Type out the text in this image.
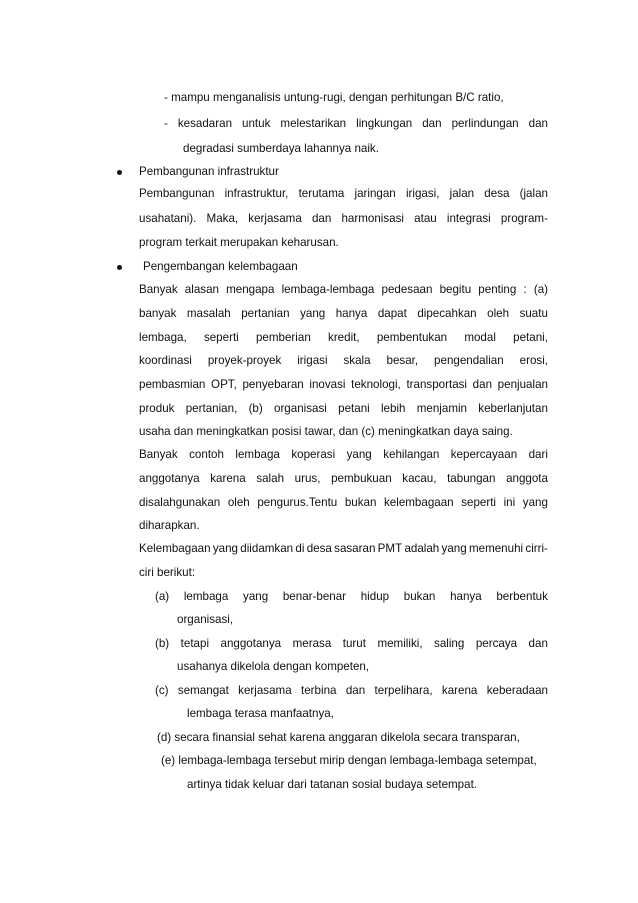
- mampu menganalisis untung-rugi, dengan perhitungan B/C ratio,
- kesadaran untuk melestarikan lingkungan dan perlindungan dan
degradasi sumberdaya lahannya naik.
Pembangunan infrastruktur
Pembangunan infrastruktur, terutama jaringan irigasi, jalan desa (jalan
usahatani). Maka, kerjasama dan harmonisasi atau integrasi program-
program terkait merupakan keharusan.
Pengembangan kelembagaan
Banyak alasan mengapa lembaga-lembaga pedesaan begitu penting : (a)
banyak masalah pertanian yang hanya dapat dipecahkan oleh suatu
lembaga, seperti pemberian kredit, pembentukan modal petani,
koordinasi proyek-proyek irigasi skala besar, pengendalian erosi,
pembasmian OPT, penyebaran inovasi teknologi, transportasi dan penjualan
produk pertanian, (b) organisasi petani lebih menjamin keberlanjutan
usaha dan meningkatkan posisi tawar, dan (c) meningkatkan daya saing.
Banyak contoh lembaga koperasi yang kehilangan kepercayaan dari
anggotanya karena salah urus, pembukuan kacau, tabungan anggota
disalahgunakan oleh pengurus.Tentu bukan kelembagaan seperti ini yang
diharapkan.
Kelembagaan yang diidamkan di desa sasaran PMT adalah yang memenuhi cirri-
ciri berikut:
(a) lembaga yang benar-benar hidup bukan hanya berbentuk
organisasi,
(b) tetapi anggotanya merasa turut memiliki, saling percaya dan
usahanya dikelola dengan kompeten,
(c) semangat kerjasama terbina dan terpelihara, karena keberadaan
lembaga terasa manfaatnya,
(d) secara finansial sehat karena anggaran dikelola secara transparan,
(e) lembaga-lembaga tersebut mirip dengan lembaga-lembaga setempat,
artinya tidak keluar dari tatanan sosial budaya setempat.
